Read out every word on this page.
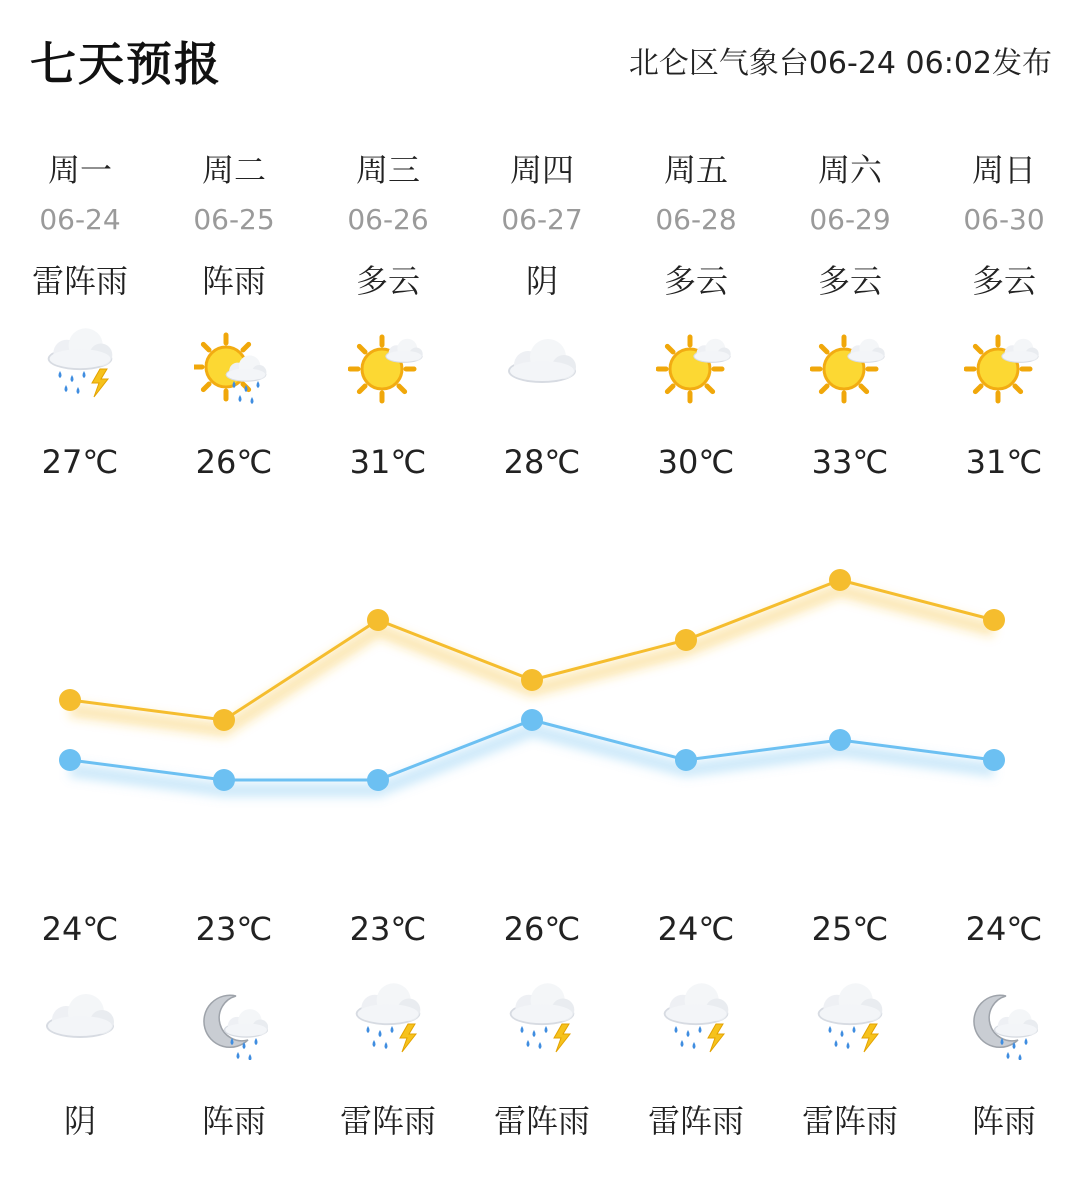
七天预报	北仑区气象台06-24 06:02发布
周一
06-24
雷阵雨
27℃
24℃
阴
周二
06-25
阵雨
26℃
23℃
阵雨
周三
06-26
多云
31℃
23℃
雷阵雨
周四
06-27
阴
28℃
26℃
雷阵雨
周五
06-28
多云
30℃
24℃
雷阵雨
周六
06-29
多云
33℃
25℃
雷阵雨
周日
06-30
多云
31℃
24℃
阵雨
